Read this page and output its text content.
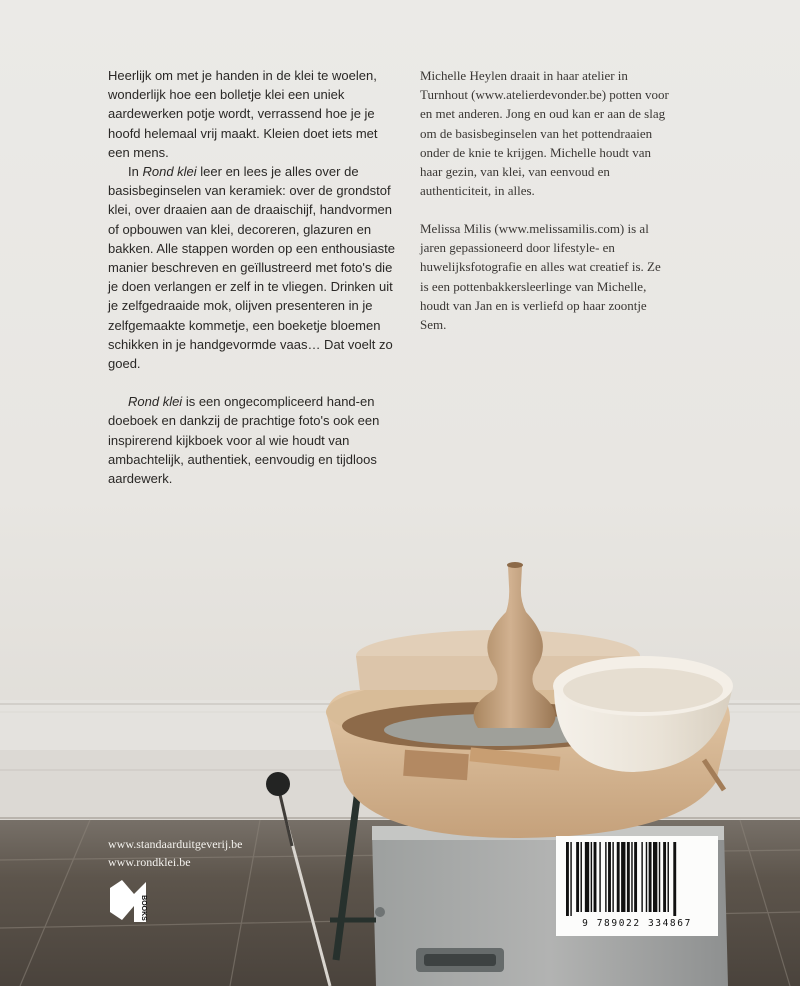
Heerlijk om met je handen in de klei te woelen, wonderlijk hoe een bolletje klei een uniek aardewerken potje wordt, verrassend hoe je je hoofd helemaal vrij maakt. Kleien doet iets met een mens.

In Rond klei leer en lees je alles over de basisbeginselen van keramiek: over de grondstof klei, over draaien aan de draaischijf, handvormen of opbouwen van klei, decoreren, glazuren en bakken. Alle stappen worden op een enthousiaste manier beschreven en geïllustreerd met foto's die je doen verlangen er zelf in te vliegen. Drinken uit je zelfgedraaide mok, olijven presenteren in je zelfgemaakte kommetje, een boeketje bloemen schikken in je handgevormde vaas… Dat voelt zo goed.

Rond klei is een ongecompliceerd hand-en doeboek en dankzij de prachtige foto's ook een inspirerend kijkboek voor al wie houdt van ambachtelijk, authentiek, eenvoudig en tijdloos aardewerk.

Michelle Heylen draait in haar atelier in Turnhout (www.atelierdevonder.be) potten voor en met anderen. Jong en oud kan er aan de slag om de basisbeginselen van het pottendraaien onder de knie te krijgen. Michelle houdt van haar gezin, van klei, van eenvoud en authenticiteit, in alles.

Melissa Milis (www.melissamilis.com) is al jaren gepassioneerd door lifestyle- en huwelijksfotografie en alles wat creatief is. Ze is een pottenbakkersleerlinge van Michelle, houdt van Jan en is verliefd op haar zoontje Sem.

www.standaarduitgeverij.be
www.rondklei.be
BOOKS
9 789022 334867
